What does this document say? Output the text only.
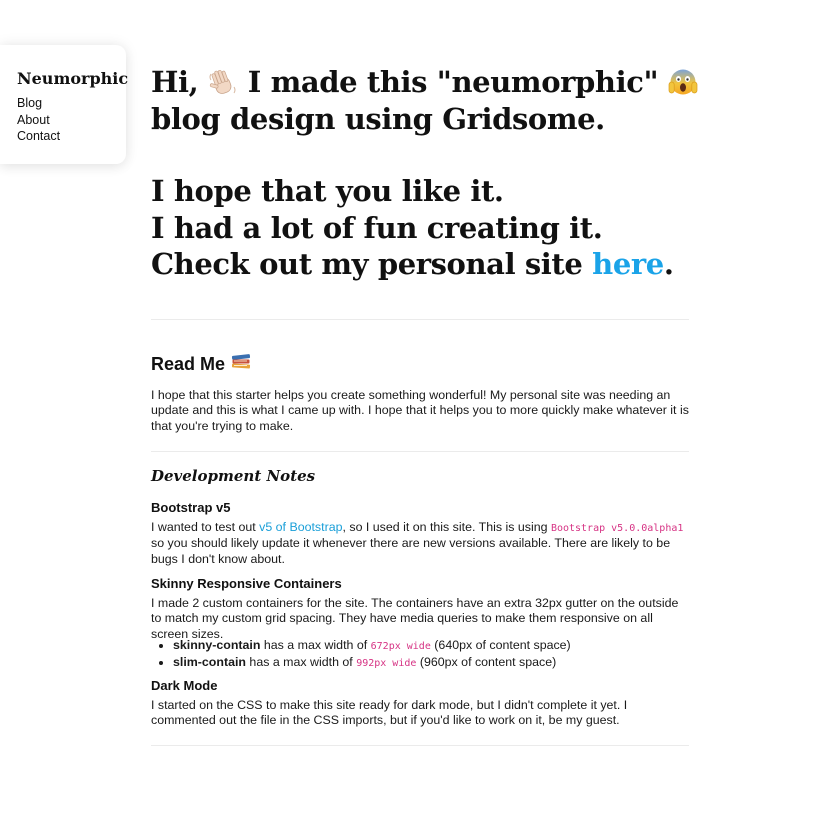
Neumorphic
Blog
About
Contact

Hi,  I made this "neumorphic"

blog design using Gridsome.

I hope that you like it.

I had a lot of fun creating it.

Check out my personal site here.

Read Me

I hope that this starter helps you create something wonderful! My personal site was needing an update and this is what I came up with. I hope that it helps you to more quickly make whatever it is that you're trying to make.

Development Notes
Bootstrap v5

I wanted to test out v5 of Bootstrap, so I used it on this site. This is using Bootstrap v5.0.0alpha1 so you should likely update it whenever there are new versions available. There are likely to be bugs I don't know about.

Skinny Responsive Containers

I made 2 custom containers for the site. The containers have an extra 32px gutter on the outside to match my custom grid spacing. They have media queries to make them responsive on all screen sizes.

• skinny-contain has a max width of 672px wide (640px of content space)
• slim-contain has a max width of 992px wide (960px of content space)
Dark Mode

I started on the CSS to make this site ready for dark mode, but I didn't complete it yet. I commented out the file in the CSS imports, but if you'd like to work on it, be my guest.
